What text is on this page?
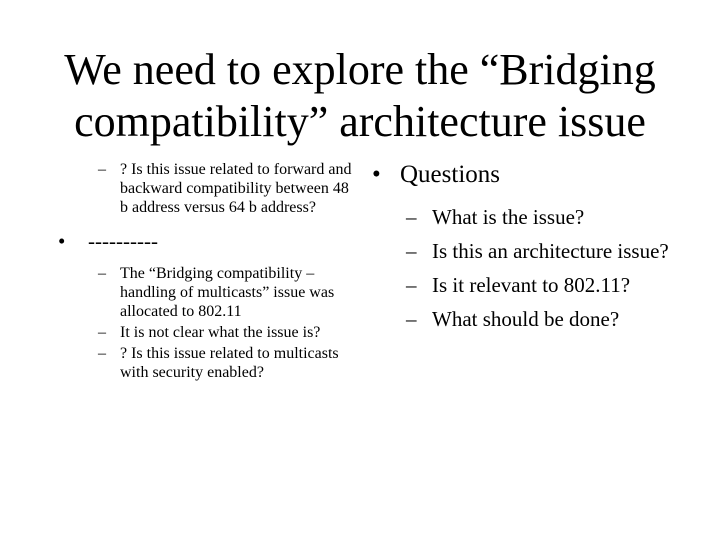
We need to explore the “Bridging
compatibility” architecture issue
– ? Is this issue related to forward and backward compatibility between 48 b address versus 64 b address?
• ----------
– The “Bridging compatibility – handling of multicasts” issue was allocated to 802.11
– It is not clear what the issue is?
– ? Is this issue related to multicasts with security enabled?
• Questions
– What is the issue?
– Is this an architecture issue?
– Is it relevant to 802.11?
– What should be done?
